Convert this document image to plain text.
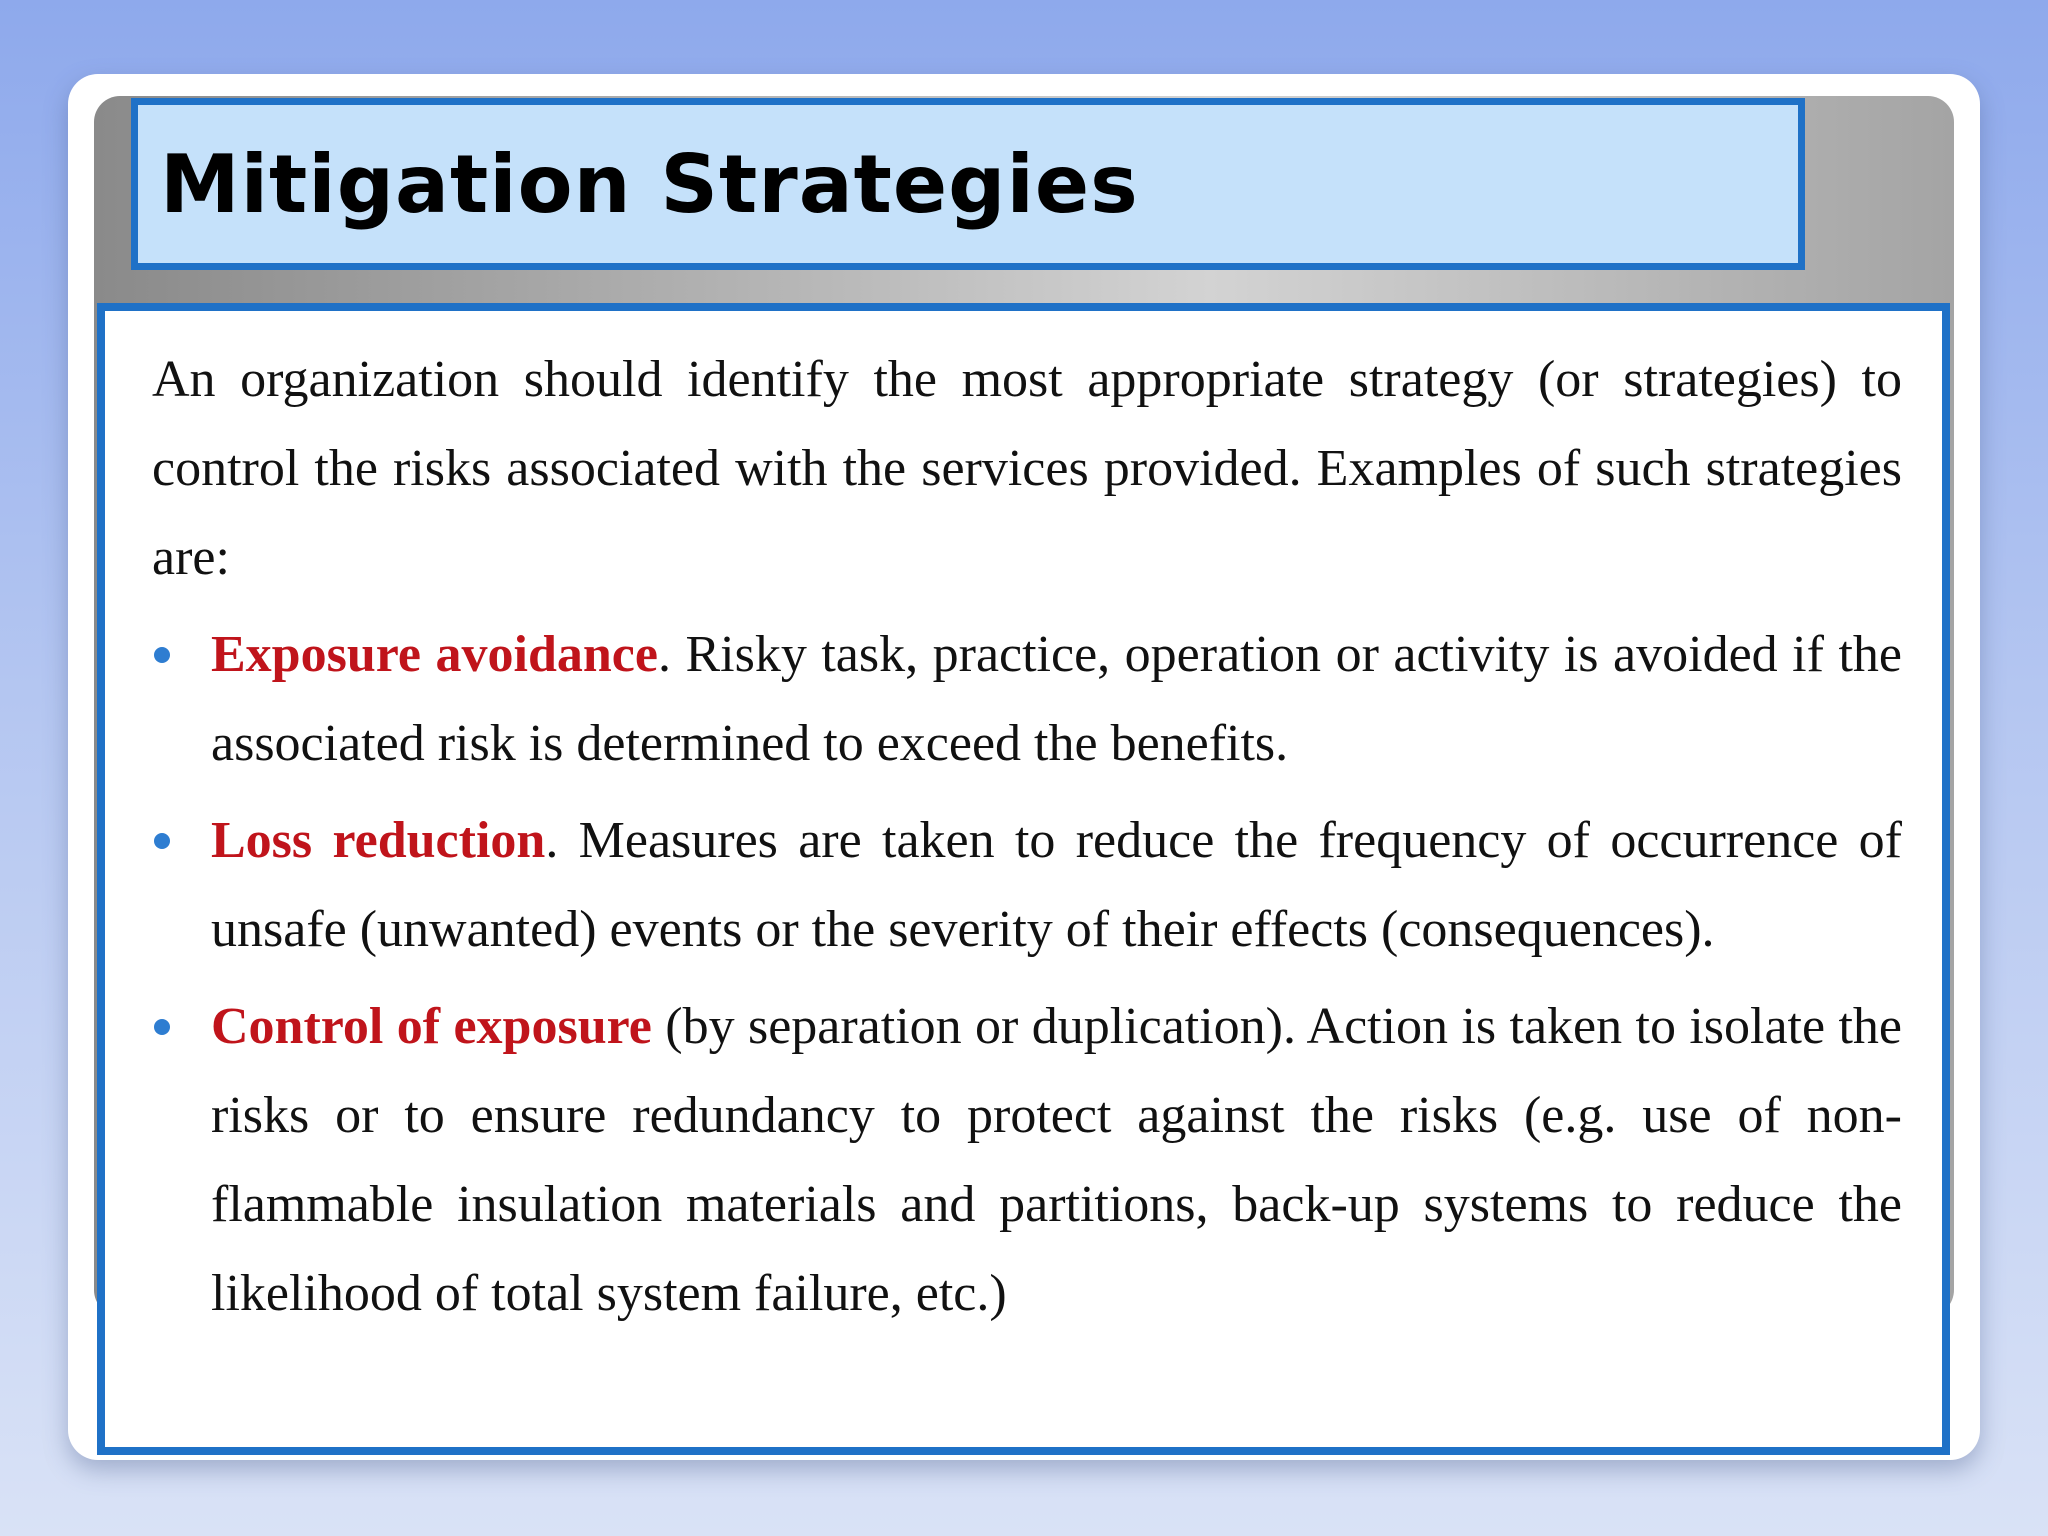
Mitigation Strategies

An organization should identify the most appropriate strategy (or strategies) to control the risks associated with the services provided. Examples of such strategies are:

Exposure avoidance. Risky task, practice, operation or activity is avoided if the associated risk is determined to exceed the benefits.
Loss reduction. Measures are taken to reduce the frequency of occurrence of unsafe (unwanted) events or the severity of their effects (consequences).
Control of exposure (by separation or duplication). Action is taken to isolate the risks or to ensure redundancy to protect against the risks (e.g. use of non-flammable insulation materials and partitions, back-up systems to reduce the likelihood of total system failure, etc.)
